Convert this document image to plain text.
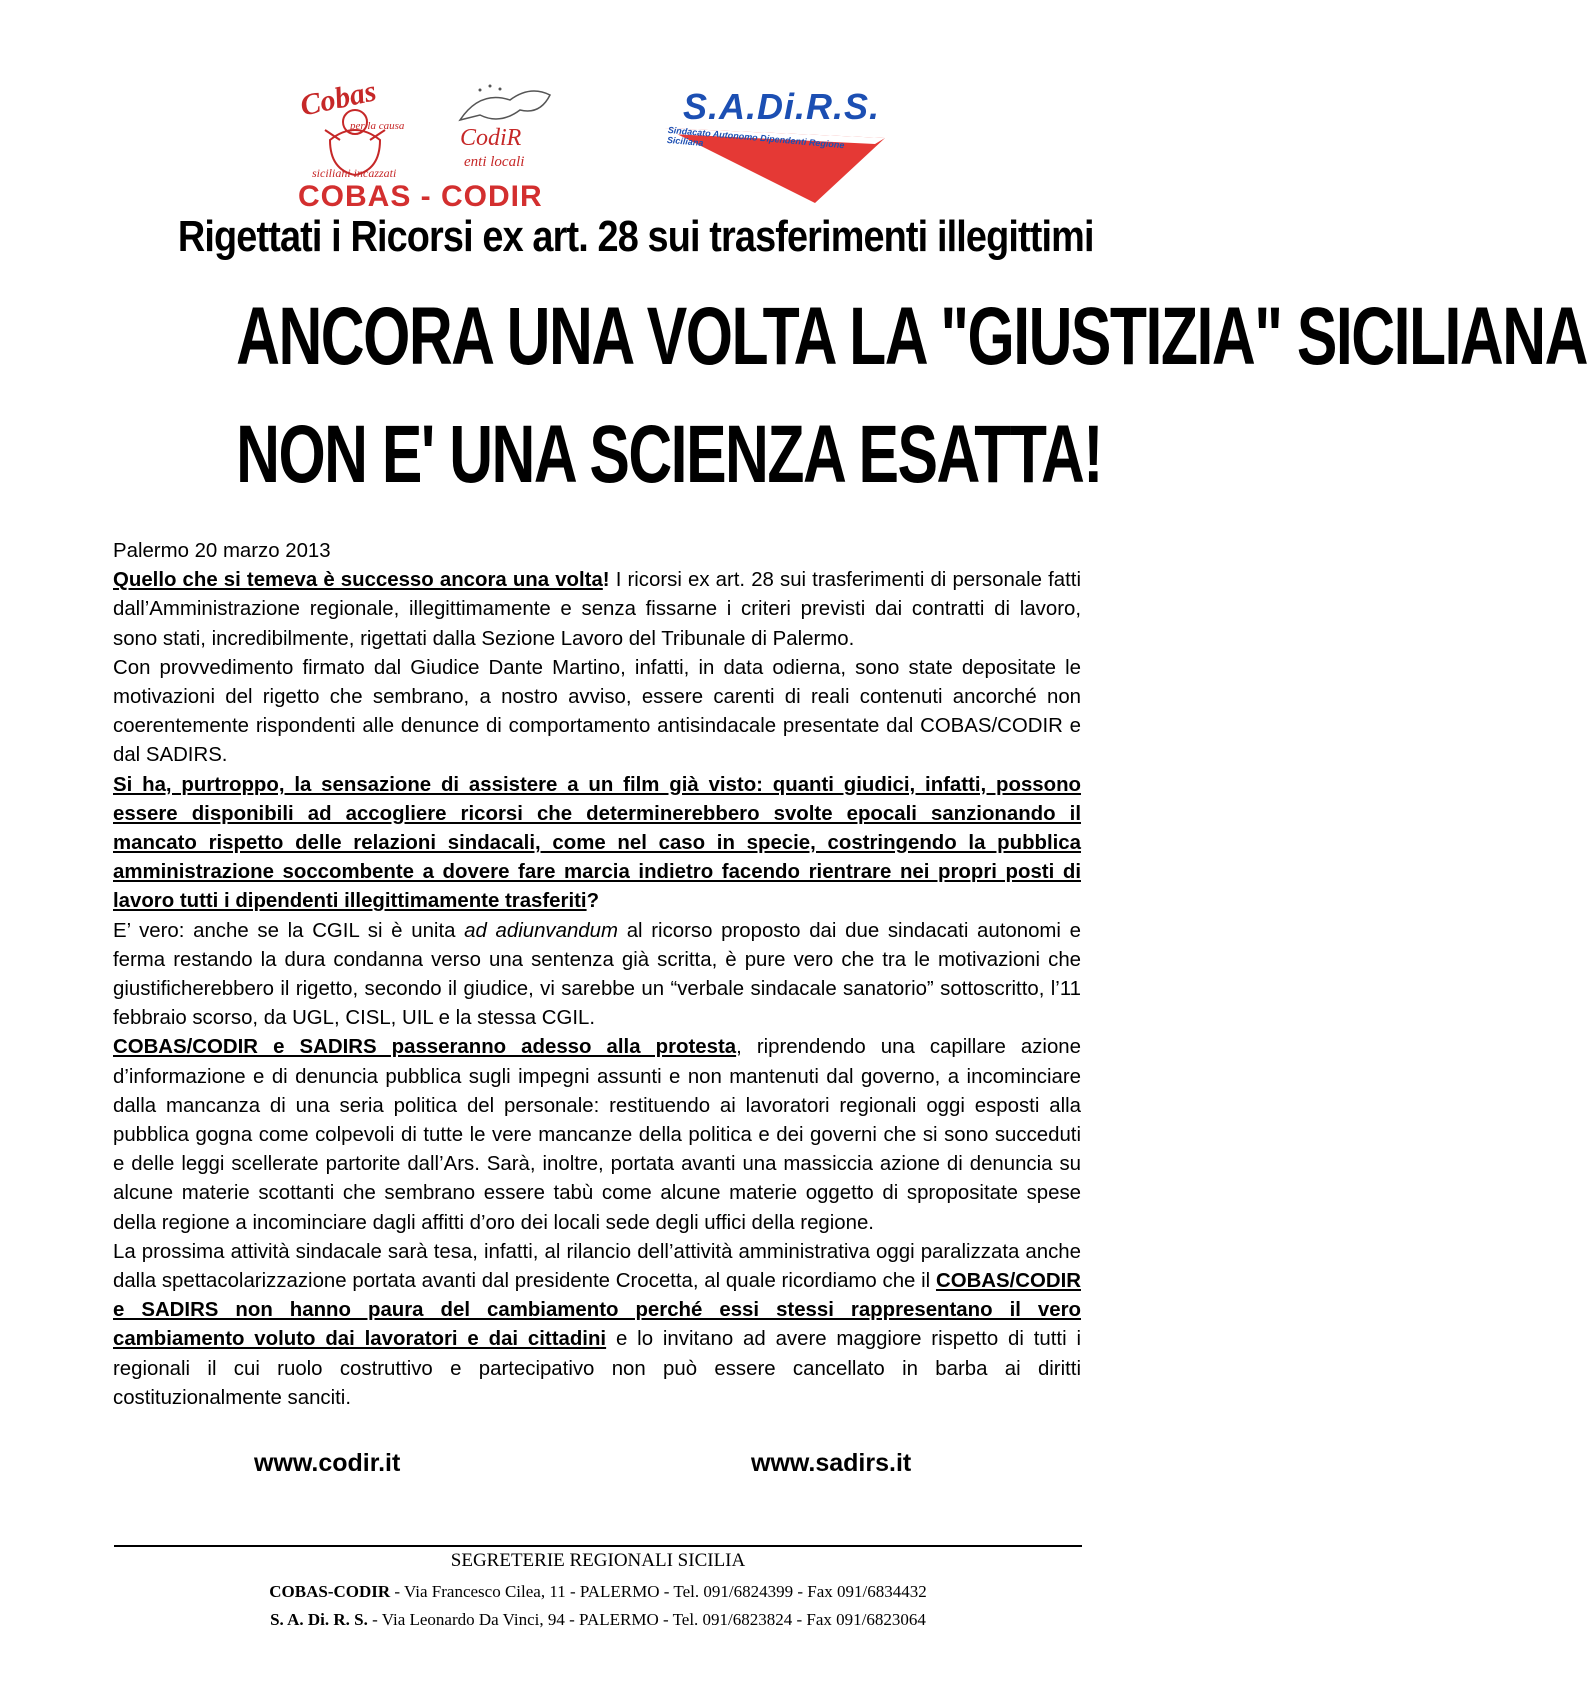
Cobas
per la causa
siciliani incazzati
CodiR
enti locali
COBAS - CODIR
S.A.Di.R.S.
Sindacato Autonomo Dipendenti Regione Siciliana
Rigettati i Ricorsi ex art. 28 sui trasferimenti illegittimi
ANCORA UNA VOLTA LA "GIUSTIZIA" SICILIANA
NON E' UNA SCIENZA ESATTA!

Palermo 20 marzo 2013

Quello che si temeva è successo ancora una volta! I ricorsi ex art. 28 sui trasferimenti di personale fatti dall’Amministrazione regionale, illegittimamente e senza fissarne i criteri previsti dai contratti di lavoro, sono stati, incredibilmente, rigettati dalla Sezione Lavoro del Tribunale di Palermo.

Con provvedimento firmato dal Giudice Dante Martino, infatti, in data odierna, sono state depositate le motivazioni del rigetto che sembrano, a nostro avviso, essere carenti di reali contenuti ancorché non coerentemente rispondenti alle denunce di comportamento antisindacale presentate dal COBAS/CODIR e dal SADIRS.

Si ha, purtroppo, la sensazione di assistere a un film già visto: quanti giudici, infatti, possono essere disponibili ad accogliere ricorsi che determinerebbero svolte epocali sanzionando il mancato rispetto delle relazioni sindacali, come nel caso in specie, costringendo la pubblica amministrazione soccombente a dovere fare marcia indietro facendo rientrare nei propri posti di lavoro tutti i dipendenti illegittimamente trasferiti?

E’ vero: anche se la CGIL si è unita ad adiunvandum al ricorso proposto dai due sindacati autonomi e ferma restando la dura condanna verso una sentenza già scritta, è pure vero che tra le motivazioni che giustificherebbero il rigetto, secondo il giudice, vi sarebbe un “verbale sindacale sanatorio” sottoscritto, l’11 febbraio scorso, da UGL, CISL, UIL e la stessa CGIL.

COBAS/CODIR e SADIRS passeranno adesso alla protesta, riprendendo una capillare azione d’informazione e di denuncia pubblica sugli impegni assunti e non mantenuti dal governo, a incominciare dalla mancanza di una seria politica del personale: restituendo ai lavoratori regionali oggi esposti alla pubblica gogna come colpevoli di tutte le vere mancanze della politica e dei governi che si sono succeduti e delle leggi scellerate partorite dall’Ars. Sarà, inoltre, portata avanti una massiccia azione di denuncia su alcune materie scottanti che sembrano essere tabù come alcune materie oggetto di spropositate spese della regione a incominciare dagli affitti d’oro dei locali sede degli uffici della regione.

La prossima attività sindacale sarà tesa, infatti, al rilancio dell’attività amministrativa oggi paralizzata anche dalla spettacolarizzazione portata avanti dal presidente Crocetta, al quale ricordiamo che il COBAS/CODIR e SADIRS non hanno paura del cambiamento perché essi stessi rappresentano il vero cambiamento voluto dai lavoratori e dai cittadini e lo invitano ad avere maggiore rispetto di tutti i regionali il cui ruolo costruttivo e partecipativo non può essere cancellato in barba ai diritti costituzionalmente sanciti.

www.codir.it	www.sadirs.it
SEGRETERIE REGIONALI SICILIA
COBAS-CODIR - Via Francesco Cilea, 11 - PALERMO - Tel. 091/6824399 - Fax 091/6834432
S. A. Di. R. S. - Via Leonardo Da Vinci, 94 - PALERMO - Tel. 091/6823824 - Fax 091/6823064
